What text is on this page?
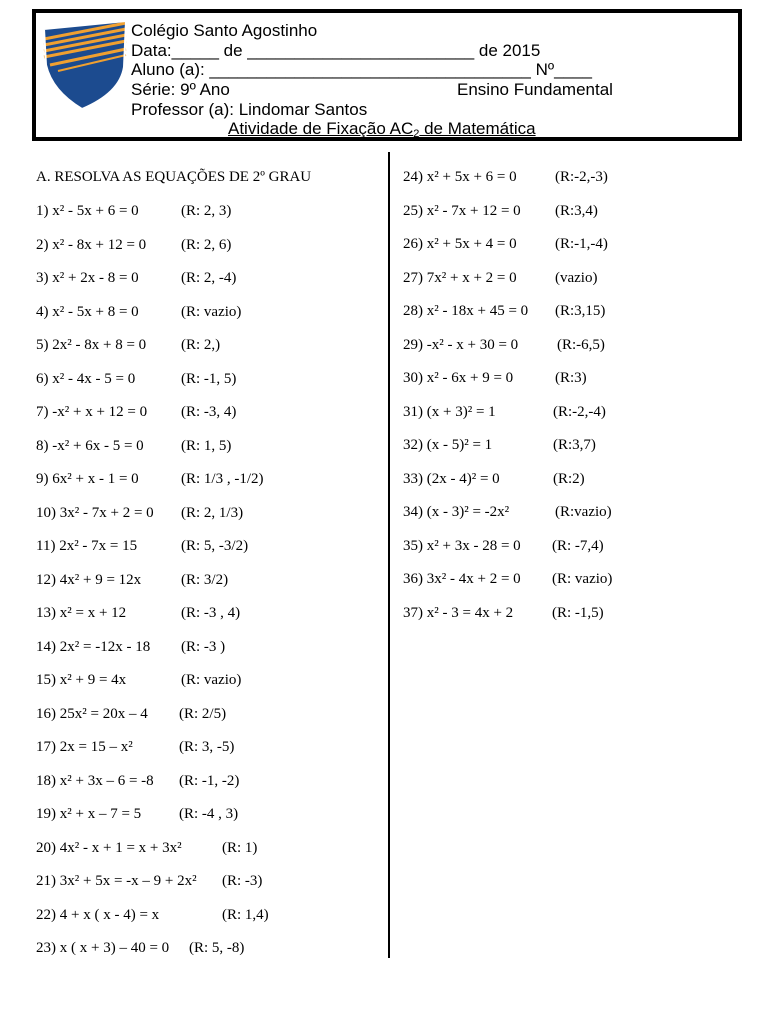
Colégio Santo Agostinho
Data:_____ de ________________________ de 2015
Aluno (a): __________________________________ Nº____
Série: 9º Ano	Ensino Fundamental
Professor (a): Lindomar Santos
Atividade de Fixação $AC_2$ de Matemática
A. RESOLVA AS EQUAÇÕES DE 2º GRAU
1) x² - 5x + 6 = 0	(R: 2, 3)
2) x² - 8x + 12 = 0 (R: 2, 6)
3) x² + 2x - 8 = 0	(R: 2, -4)
4) x² - 5x + 8 = 0	(R: vazio)
5) 2x² - 8x + 8 = 0 (R: 2,)
6) x² - 4x - 5 = 0	(R: -1, 5)
7) -x² + x + 12 = 0 (R: -3, 4)
8) -x² + 6x - 5 = 0 (R: 1, 5)
9) 6x² + x - 1 = 0	(R: 1/3 , -1/2)
10) 3x² - 7x + 2 = 0 (R: 2, 1/3)
11) 2x² - 7x = 15	(R: 5, -3/2)
12) 4x² + 9 = 12x	(R: 3/2)
13) x² = x + 12	(R: -3 , 4)
14) 2x² = -12x - 18 (R: -3 )
15) x² + 9 = 4x	(R: vazio)
16) 25x² = 20x – 4 (R: 2/5)
17) 2x = 15 – x²	(R: 3, -5)
18) x² + 3x – 6 = -8 (R: -1, -2)
19) x² + x – 7 = 5	(R: -4 , 3)
20) 4x² - x + 1 = x + 3x²	(R: 1)
21) 3x² + 5x = -x – 9 + 2x² (R: -3)
22) 4 + x ( x - 4) = x	(R: 1,4)
23) x ( x + 3) – 40 = 0 (R: 5, -8)
24) x² + 5x + 6 = 0	(R:-2,-3)
25) x² - 7x + 12 = 0 (R:3,4)
26) x² + 5x + 4 = 0	(R:-1,-4)
27) 7x² + x + 2 = 0	(vazio)
28) x² - 18x + 45 = 0 (R:3,15)
29) -x² - x + 30 = 0	(R:-6,5)
30) x² - 6x + 9 = 0	(R:3)
31) (x + 3)² = 1	(R:-2,-4)
32) (x - 5)² = 1	(R:3,7)
33) (2x - 4)² = 0	(R:2)
34) (x - 3)² = -2x²	(R:vazio)
35) x² + 3x - 28 = 0 (R: -7,4)
36) 3x² - 4x + 2 = 0 (R: vazio)
37) x² - 3 = 4x + 2	(R: -1,5)
